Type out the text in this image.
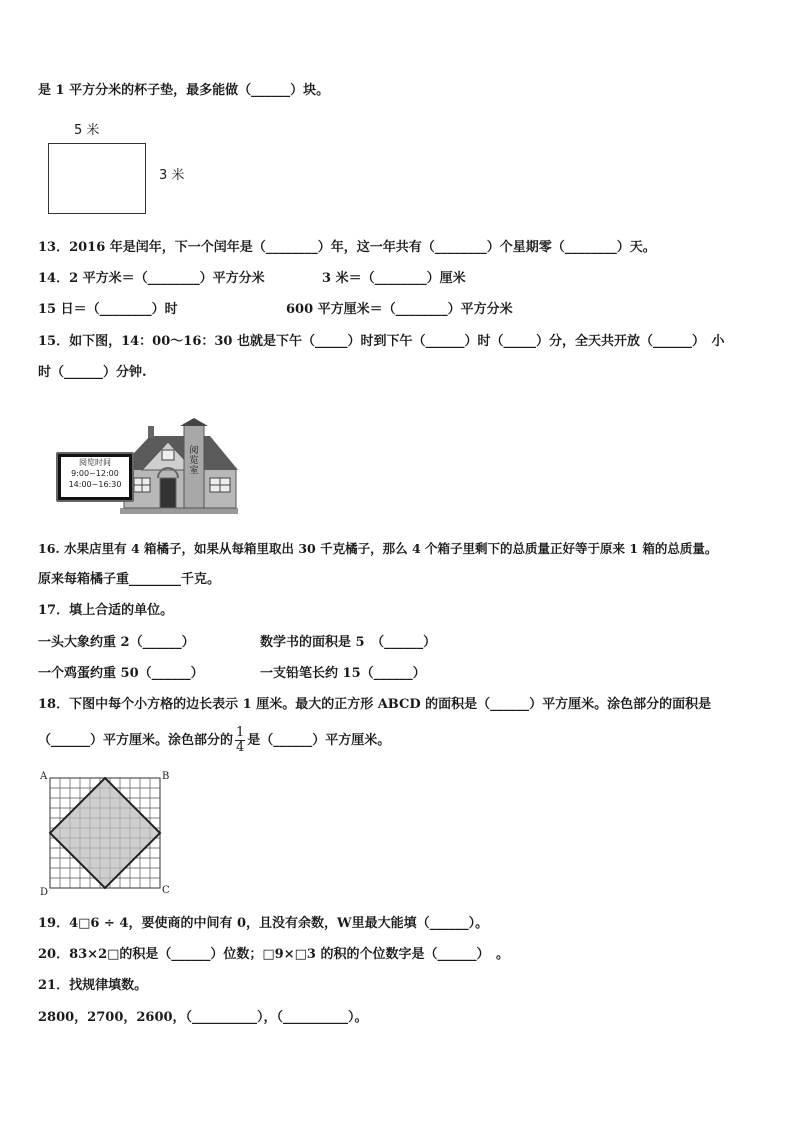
是 1 平方分米的杯子垫，最多能做（______）块。
5 米
3 米
13．2016 年是闰年，下一个闰年是（________）年，这一年共有（________）个星期零（________）天。
14．2 平方米＝（________）平方分米	3 米＝（________）厘米
15 日＝（________）时	600 平方厘米＝（________）平方分米
15．如下图，14：00～16：30 也就是下午（_____）时到下午（______）时（_____）分，全天共开放（______）　小
时（______）分钟.
阅览室
阅览时间
9:00~12:00
14:00~16:30
16. 水果店里有 4 箱橘子，如果从每箱里取出 30 千克橘子，那么 4 个箱子里剩下的总质量正好等于原来 1 箱的总质量。
原来每箱橘子重________千克。
17．填上合适的单位。
一头大象约重 2（______）	数学书的面积是 5　（______）
一个鸡蛋约重 50（______）	一支铅笔长约 15（______）
18．下图中每个小方格的边长表示 1 厘米。最大的正方形 ABCD 的面积是（______）平方厘米。涂色部分的面积是
（______）平方厘米。涂色部分的 $\frac{1}{4}$ 是（______）平方厘米。
A	B
C
D
19．4□6 ÷ 4，要使商的中间有 0，且没有余数，W里最大能填（______）。
20．83×2□的积是（______）位数；□9×□3 的积的个位数字是（______）　。
21．找规律填数。
2800，2700，2600，（__________），（__________）。
